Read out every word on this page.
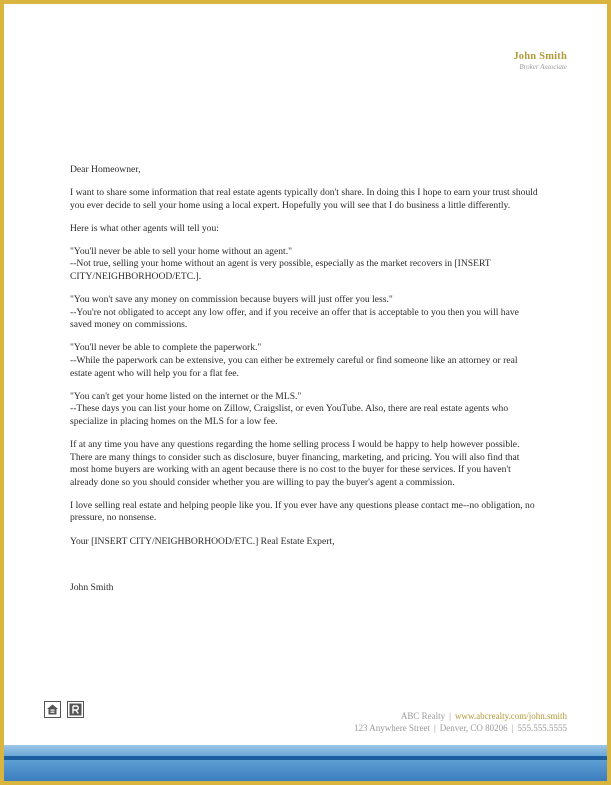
John Smith
Broker Associate

Dear Homeowner,

I want to share some information that real estate agents typically don't share. In doing this I hope to earn your trust should you ever decide to sell your home using a local expert. Hopefully you will see that I do business a little differently.

Here is what other agents will tell you:

"You'll never be able to sell your home without an agent."
--Not true, selling your home without an agent is very possible, especially as the market recovers in [INSERT CITY/NEIGHBORHOOD/ETC.].

"You won't save any money on commission because buyers will just offer you less."
--You're not obligated to accept any low offer, and if you receive an offer that is acceptable to you then you will have saved money on commissions.

"You'll never be able to complete the paperwork."
--While the paperwork can be extensive, you can either be extremely careful or find someone like an attorney or real estate agent who will help you for a flat fee.

"You can't get your home listed on the internet or the MLS."
--These days you can list your home on Zillow, Craigslist, or even YouTube. Also, there are real estate agents who specialize in placing homes on the MLS for a low fee.

If at any time you have any questions regarding the home selling process I would be happy to help however possible. There are many things to consider such as disclosure, buyer financing, marketing, and pricing. You will also find that most home buyers are working with an agent because there is no cost to the buyer for these services. If you haven't already done so you should consider whether you are willing to pay the buyer's agent a commission.

I love selling real estate and helping people like you. If you ever have any questions please contact me--no obligation, no pressure, no nonsense.

Your [INSERT CITY/NEIGHBORHOOD/ETC.] Real Estate Expert,

John Smith

ABC Realty | www.abcrealty.com/john.smith
123 Anywhere Street | Denver, CO 80206 | 555.555.5555
